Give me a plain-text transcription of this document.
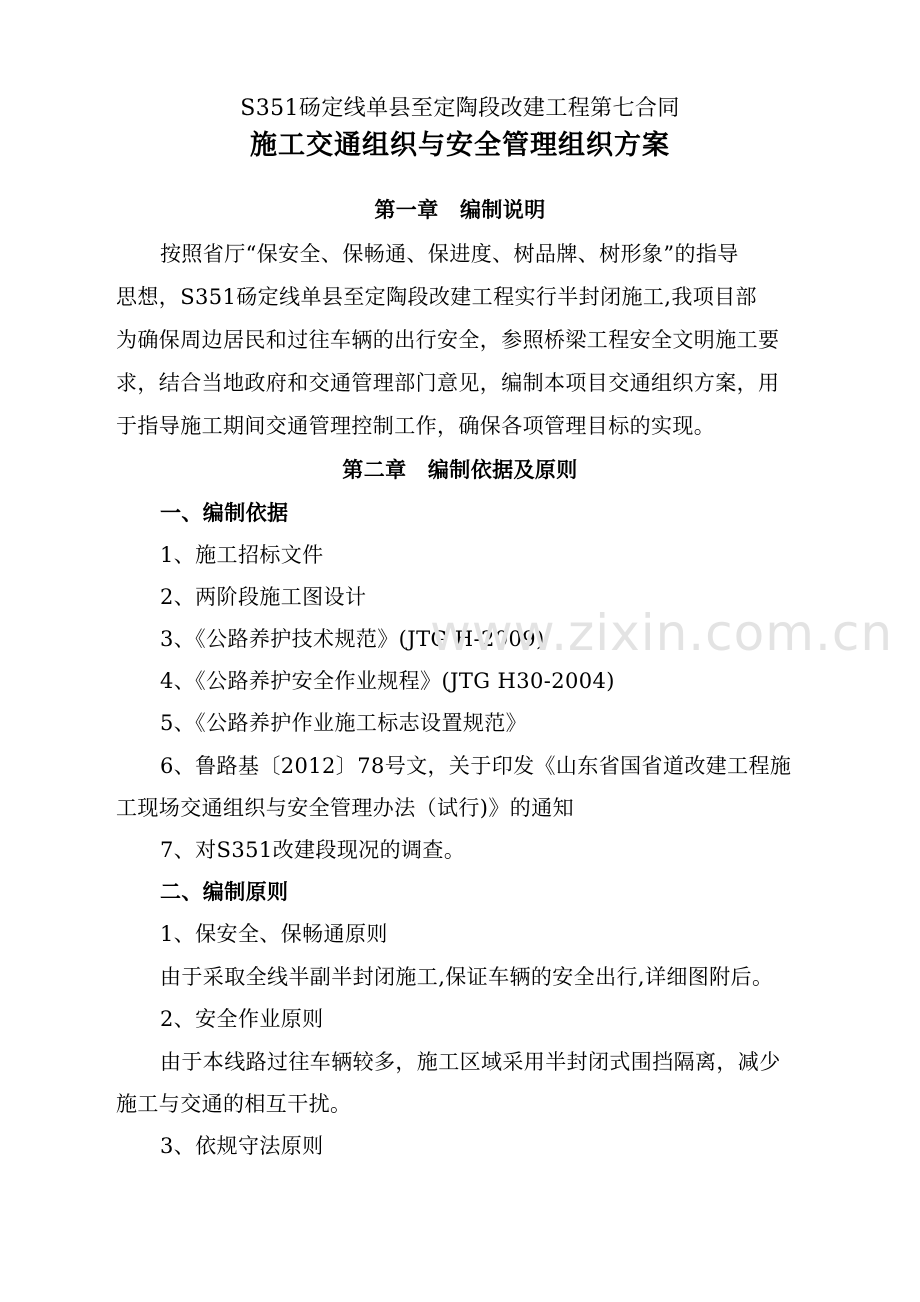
S351砀定线单县至定陶段改建工程第七合同
施工交通组织与安全管理组织方案
第一章　编制说明
按照省厅“保安全、保畅通、保进度、树品牌、树形象”的指导
思想，S351砀定线单县至定陶段改建工程实行半封闭施工,我项目部
为确保周边居民和过往车辆的出行安全，参照桥梁工程安全文明施工要
求，结合当地政府和交通管理部门意见，编制本项目交通组织方案，用
于指导施工期间交通管理控制工作，确保各项管理目标的实现。
第二章　编制依据及原则
一、编制依据
1、施工招标文件
2、两阶段施工图设计
3、《公路养护技术规范》(JTG H-2009)
4、《公路养护安全作业规程》(JTG H30-2004)
5、《公路养护作业施工标志设置规范》
6、鲁路基〔2012〕78号文，关于印发《山东省国省道改建工程施
工现场交通组织与安全管理办法（试行)》的通知
7、对S351改建段现况的调查。
二、编制原则
1、保安全、保畅通原则
由于采取全线半副半封闭施工,保证车辆的安全出行,详细图附后。
2、安全作业原则
由于本线路过往车辆较多，施工区域采用半封闭式围挡隔离，减少
施工与交通的相互干扰。
3、依规守法原则
www.zixin.com.cn
